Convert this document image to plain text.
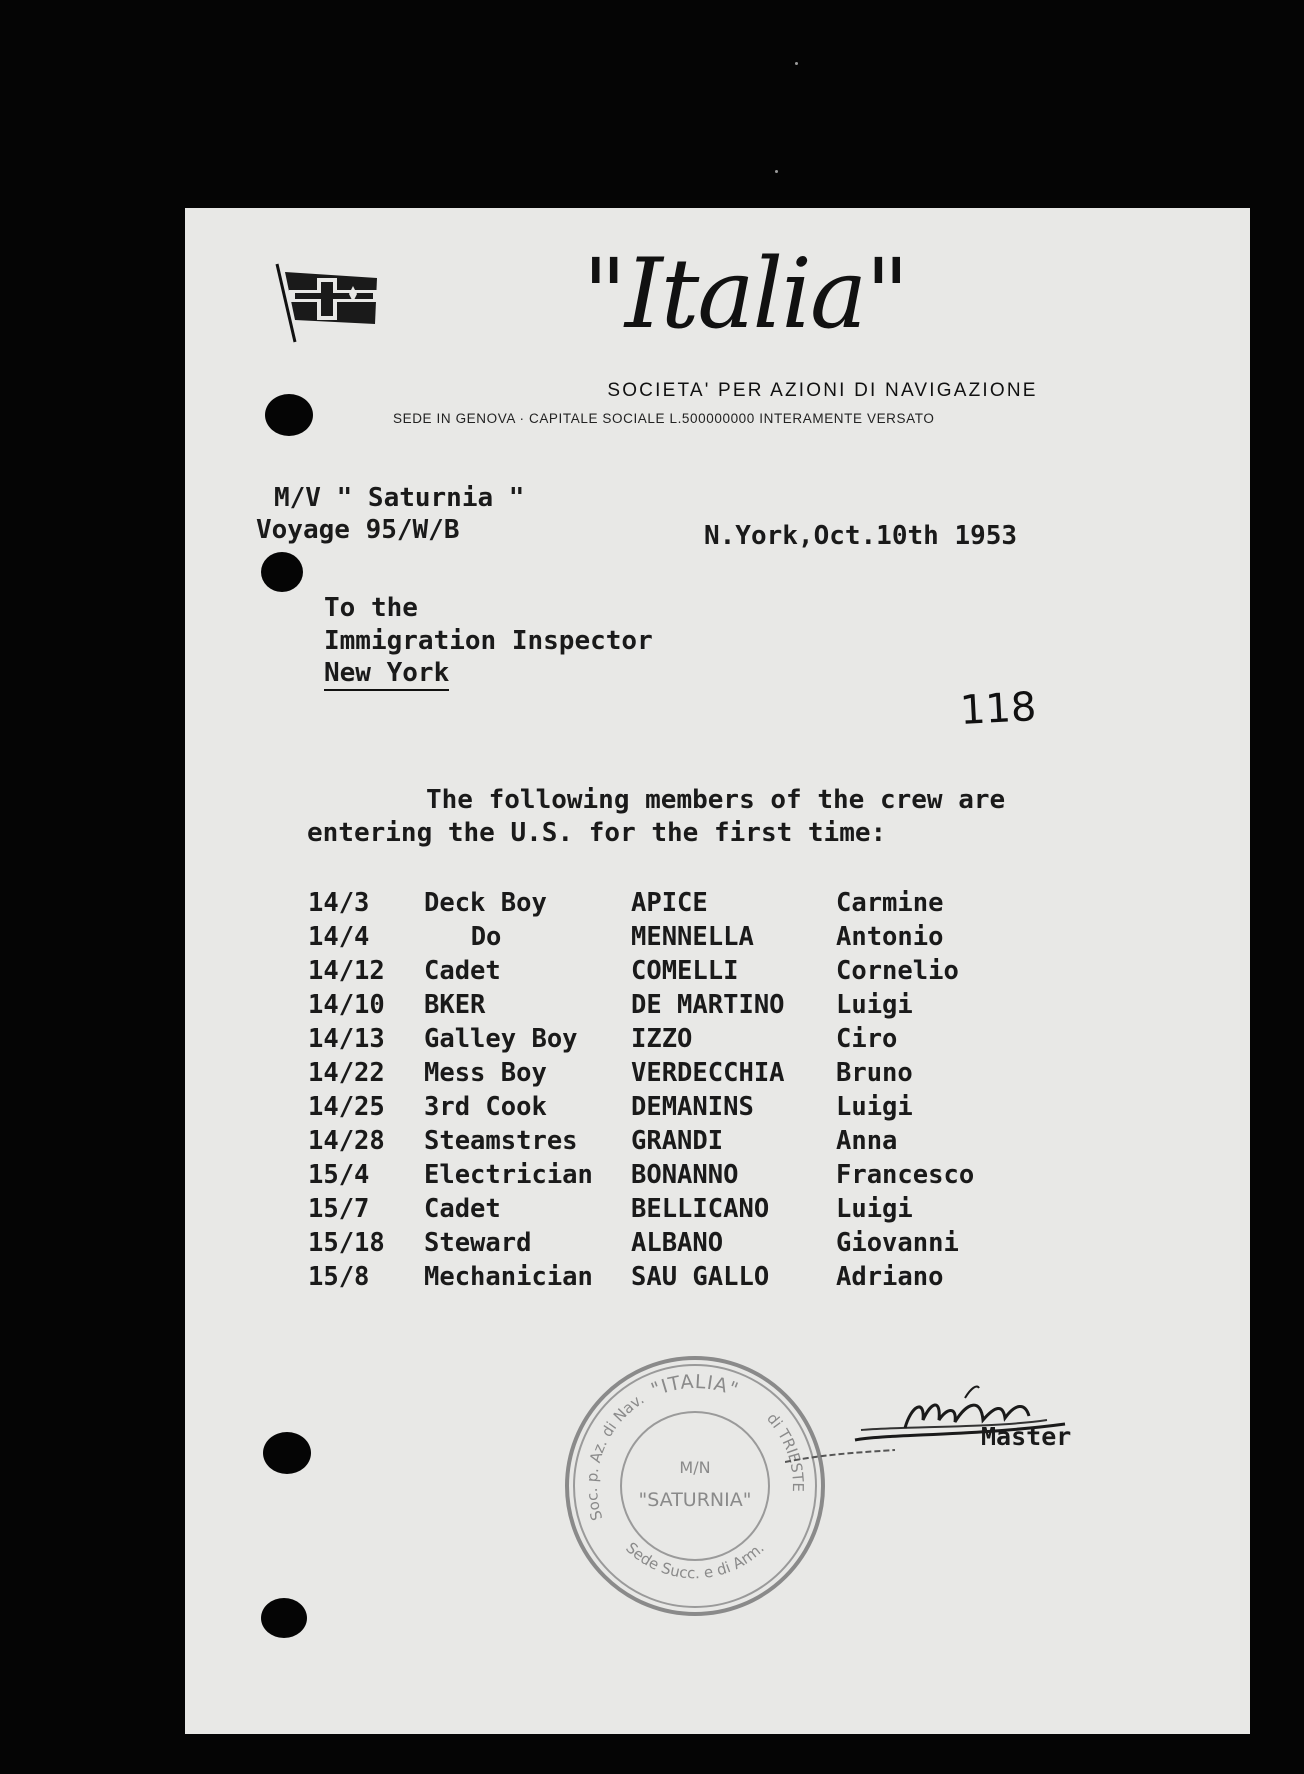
"Italia"
SOCIETA' PER AZIONI DI NAVIGAZIONE
SEDE IN GENOVA · CAPITALE SOCIALE L.500000000 INTERAMENTE VERSATO
M/V " Saturnia "
Voyage 95/W/B	N.York,Oct.10th 1953
To the
Immigration Inspector
New York
118
The following members of the crew are
entering the U.S. for the first time:
14/3 Deck Boy	APICE	Carmine
14/4	Do	MENNELLA	Antonio
14/12 Cadet	COMELLI	Cornelio
14/10 BKER	DE MARTINO Luigi
14/13 Galley Boy IZZO	Ciro
14/22 Mess Boy	VERDECCHIA Bruno
14/25 3rd Cook	DEMANINS	Luigi
14/28 Steamstres GRANDI	Anna
15/4 Electrician BONANNO	Francesco
15/7 Cadet	BELLICANO	Luigi
15/18 Steward	ALBANO	Giovanni
15/8 Mechanician SAU GALLO	Adriano
"ITALIA"
Soc. p. Az. di Nav.
di TRIESTE
Sede Succ. e di Arm.
M/N
"SATURNIA"
Master
